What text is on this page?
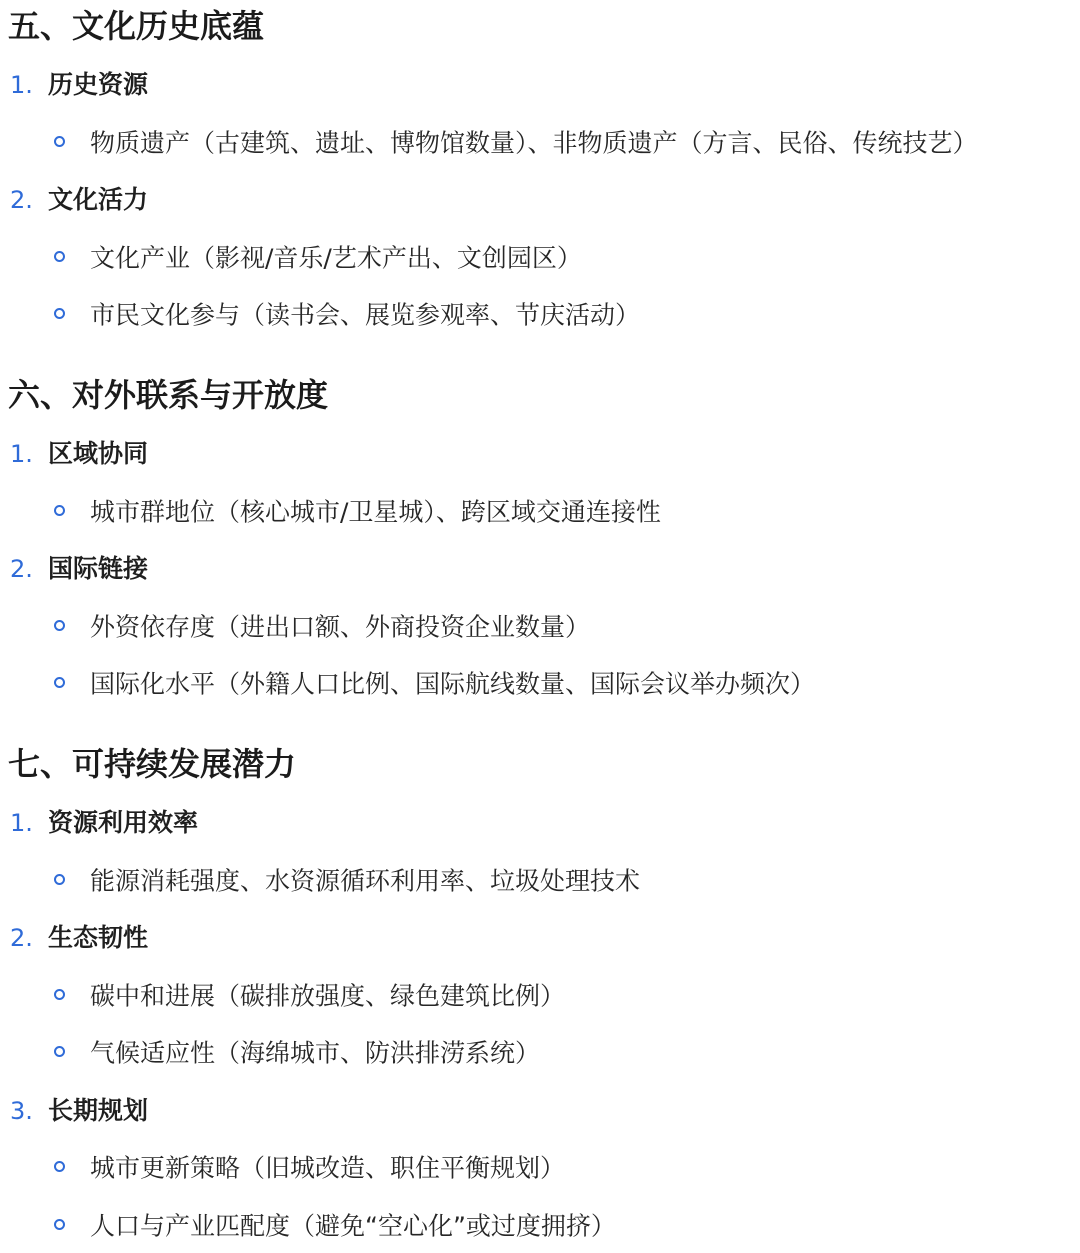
五、文化历史底蕴
1. 历史资源
物质遗产（古建筑、遗址、博物馆数量）、非物质遗产（方言、民俗、传统技艺）
2. 文化活力
文化产业（影视/音乐/艺术产出、文创园区）
市民文化参与（读书会、展览参观率、节庆活动）
六、对外联系与开放度
1. 区域协同
城市群地位（核心城市/卫星城）、跨区域交通连接性
2. 国际链接
外资依存度（进出口额、外商投资企业数量）
国际化水平（外籍人口比例、国际航线数量、国际会议举办频次）
七、可持续发展潜力
1. 资源利用效率
能源消耗强度、水资源循环利用率、垃圾处理技术
2. 生态韧性
碳中和进展（碳排放强度、绿色建筑比例）
气候适应性（海绵城市、防洪排涝系统）
3. 长期规划
城市更新策略（旧城改造、职住平衡规划）
人口与产业匹配度（避免“空心化”或过度拥挤）
